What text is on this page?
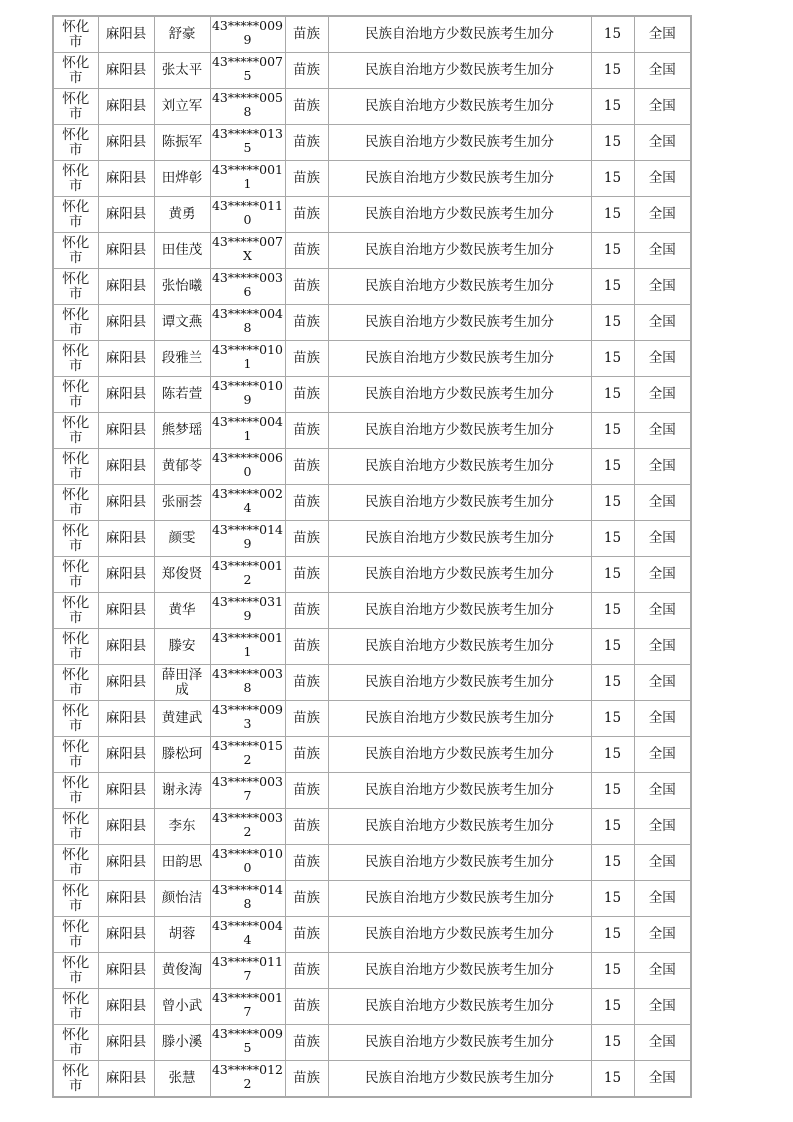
怀化市	麻阳县	舒豪	43*****0099	苗族	民族自治地方少数民族考生加分	15	全国
怀化市	麻阳县	张太平	43*****0075	苗族	民族自治地方少数民族考生加分	15	全国
怀化市	麻阳县	刘立军	43*****0058	苗族	民族自治地方少数民族考生加分	15	全国
怀化市	麻阳县	陈振军	43*****0135	苗族	民族自治地方少数民族考生加分	15	全国
怀化市	麻阳县	田烨彰	43*****0011	苗族	民族自治地方少数民族考生加分	15	全国
怀化市	麻阳县	黄勇	43*****0110	苗族	民族自治地方少数民族考生加分	15	全国
怀化市	麻阳县	田佳茂	43*****007X	苗族	民族自治地方少数民族考生加分	15	全国
怀化市	麻阳县	张怡曦	43*****0036	苗族	民族自治地方少数民族考生加分	15	全国
怀化市	麻阳县	谭文燕	43*****0048	苗族	民族自治地方少数民族考生加分	15	全国
怀化市	麻阳县	段雅兰	43*****0101	苗族	民族自治地方少数民族考生加分	15	全国
怀化市	麻阳县	陈若萱	43*****0109	苗族	民族自治地方少数民族考生加分	15	全国
怀化市	麻阳县	熊梦瑶	43*****0041	苗族	民族自治地方少数民族考生加分	15	全国
怀化市	麻阳县	黄郁苓	43*****0060	苗族	民族自治地方少数民族考生加分	15	全国
怀化市	麻阳县	张丽荟	43*****0024	苗族	民族自治地方少数民族考生加分	15	全国
怀化市	麻阳县	颜雯	43*****0149	苗族	民族自治地方少数民族考生加分	15	全国
怀化市	麻阳县	郑俊贤	43*****0012	苗族	民族自治地方少数民族考生加分	15	全国
怀化市	麻阳县	黄华	43*****0319	苗族	民族自治地方少数民族考生加分	15	全国
怀化市	麻阳县	滕安	43*****0011	苗族	民族自治地方少数民族考生加分	15	全国
怀化市	麻阳县	薛田泽成	43*****0038	苗族	民族自治地方少数民族考生加分	15	全国
怀化市	麻阳县	黄建武	43*****0093	苗族	民族自治地方少数民族考生加分	15	全国
怀化市	麻阳县	滕松珂	43*****0152	苗族	民族自治地方少数民族考生加分	15	全国
怀化市	麻阳县	谢永涛	43*****0037	苗族	民族自治地方少数民族考生加分	15	全国
怀化市	麻阳县	李东	43*****0032	苗族	民族自治地方少数民族考生加分	15	全国
怀化市	麻阳县	田韵思	43*****0100	苗族	民族自治地方少数民族考生加分	15	全国
怀化市	麻阳县	颜怡洁	43*****0148	苗族	民族自治地方少数民族考生加分	15	全国
怀化市	麻阳县	胡蓉	43*****0044	苗族	民族自治地方少数民族考生加分	15	全国
怀化市	麻阳县	黄俊淘	43*****0117	苗族	民族自治地方少数民族考生加分	15	全国
怀化市	麻阳县	曾小武	43*****0017	苗族	民族自治地方少数民族考生加分	15	全国
怀化市	麻阳县	滕小溪	43*****0095	苗族	民族自治地方少数民族考生加分	15	全国
怀化市	麻阳县	张慧	43*****0122	苗族	民族自治地方少数民族考生加分	15	全国
